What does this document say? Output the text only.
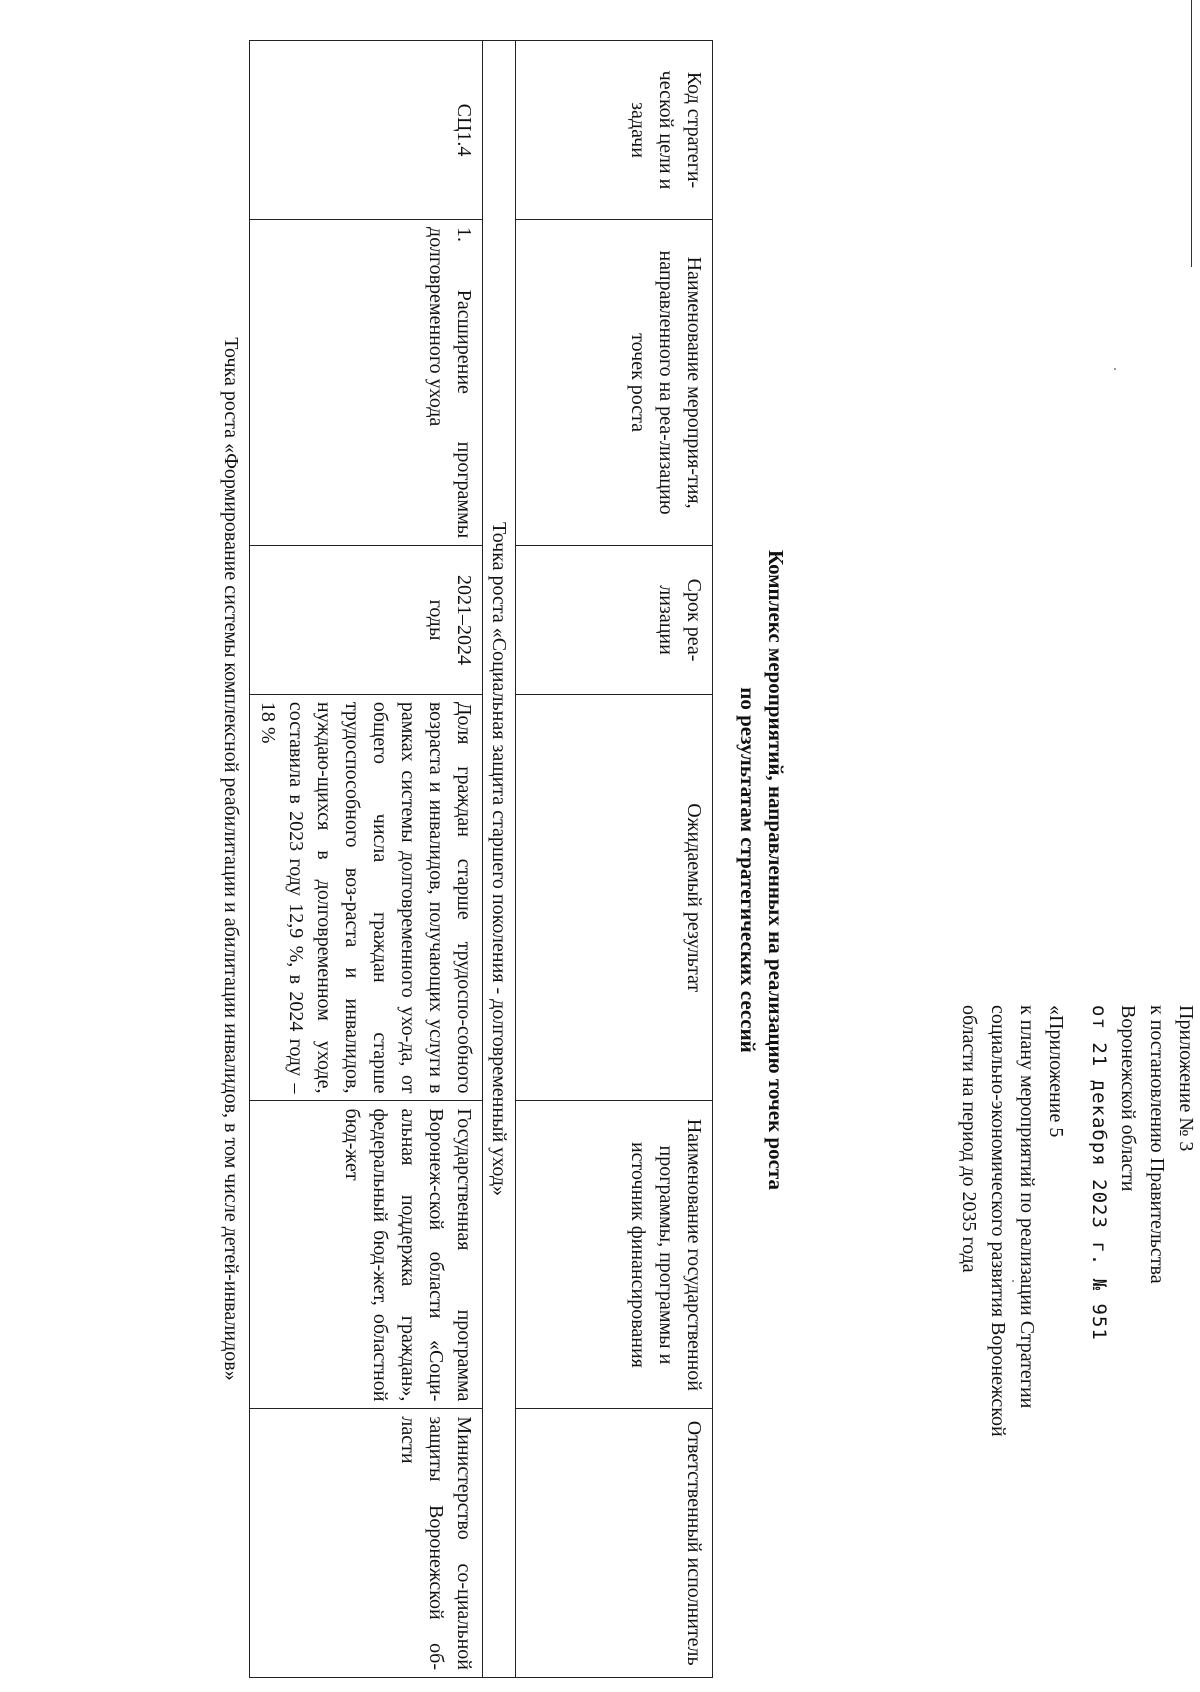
Приложение № 3
к постановлению Правительства
Воронежской области
от 21 декабря 2023 г. № 951
«Приложение 5
к плану мероприятий по реализации Стратегии
социально-экономического развития Воронежской
области на период до 2035 года
Комплекс мероприятий, направленных на реализацию точек роста
по результатам стратегических сессий
Код стратеги-ческой цели и задачи	Наименование мероприя-тия, направленного на реа-лизацию точек роста	Срок реа-лизации	Ожидаемый результат	Наименование государственной программы, программы и источник финансирования	Ответственный исполнитель
Точка роста «Социальная защита старшего поколения - долговременный уход»					
СЦ1.4	1. Расширение программы долговременного ухода	2021–2024 годы	Доля граждан старше трудоспо-собного возраста и инвалидов, получающих услуги в рамках системы долговременного ухо-да, от общего числа граждан старше трудоспособного воз-раста и инвалидов, нуждаю-щихся в долговременном уходе, составила в 2023 году 12,9 %, в 2024 году – 18 %	Государственная программа Воронеж-ской области «Соци-альная поддержка граждан», федеральный бюд-жет, областной бюд-жет	Министерство со-циальной защиты Воронежской об-ласти
Точка роста «Формирование системы комплексной реабилитации и абилитации инвалидов, в том числе детей-инвалидов»					
